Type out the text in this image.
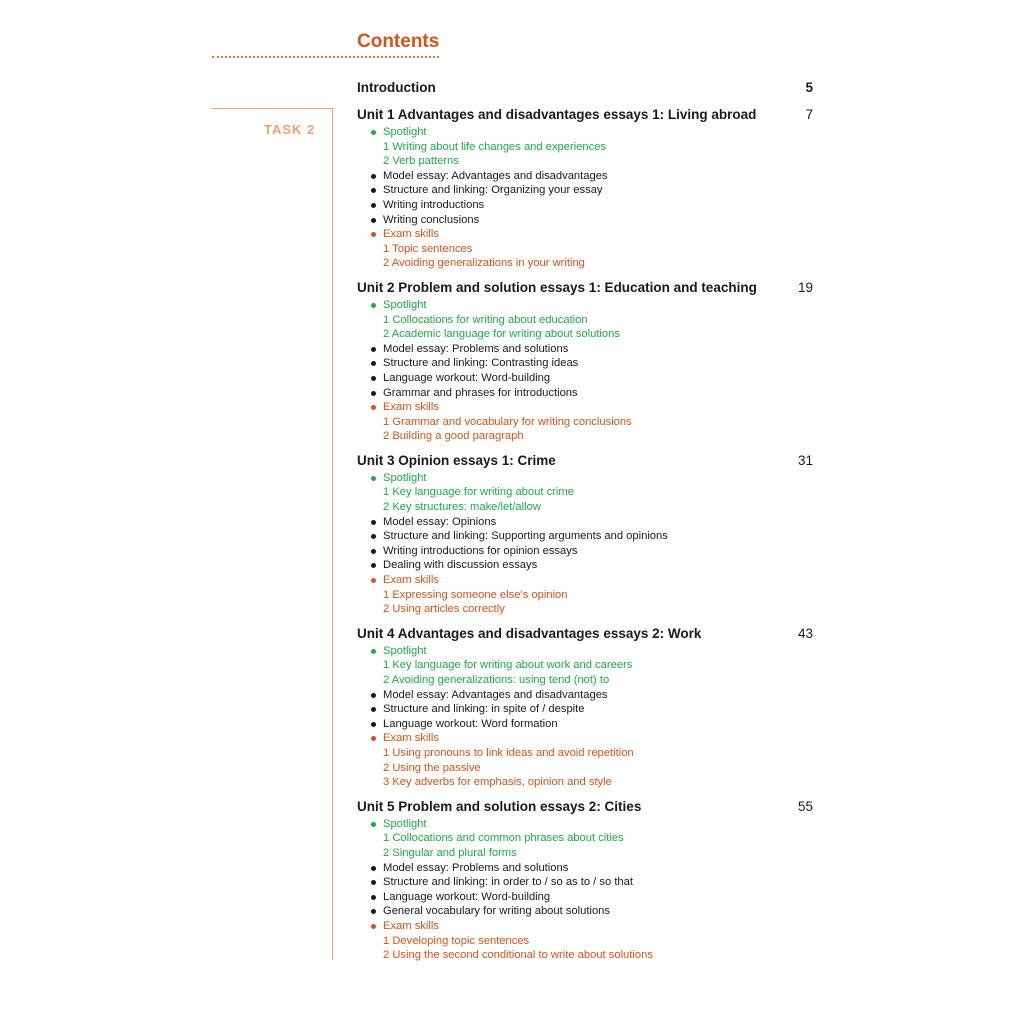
Contents
TASK 2
Introduction	5
Unit 1 Advantages and disadvantages essays 1: Living abroad	7
Spotlight
1 Writing about life changes and experiences
2 Verb patterns
Model essay: Advantages and disadvantages
Structure and linking: Organizing your essay
Writing introductions
Writing conclusions
Exam skills
1 Topic sentences
2 Avoiding generalizations in your writing
Unit 2 Problem and solution essays 1: Education and teaching	19
Spotlight
1 Collocations for writing about education
2 Academic language for writing about solutions
Model essay: Problems and solutions
Structure and linking: Contrasting ideas
Language workout: Word-building
Grammar and phrases for introductions
Exam skills
1 Grammar and vocabulary for writing conclusions
2 Building a good paragraph
Unit 3 Opinion essays 1: Crime	31
Spotlight
1 Key language for writing about crime
2 Key structures: make/let/allow
Model essay: Opinions
Structure and linking: Supporting arguments and opinions
Writing introductions for opinion essays
Dealing with discussion essays
Exam skills
1 Expressing someone else’s opinion
2 Using articles correctly
Unit 4 Advantages and disadvantages essays 2: Work	43
Spotlight
1 Key language for writing about work and careers
2 Avoiding generalizations: using tend (not) to
Model essay: Advantages and disadvantages
Structure and linking: in spite of / despite
Language workout: Word formation
Exam skills
1 Using pronouns to link ideas and avoid repetition
2 Using the passive
3 Key adverbs for emphasis, opinion and style
Unit 5 Problem and solution essays 2: Cities	55
Spotlight
1 Collocations and common phrases about cities
2 Singular and plural forms
Model essay: Problems and solutions
Structure and linking: in order to / so as to / so that
Language workout: Word-building
General vocabulary for writing about solutions
Exam skills
1 Developing topic sentences
2 Using the second conditional to write about solutions
